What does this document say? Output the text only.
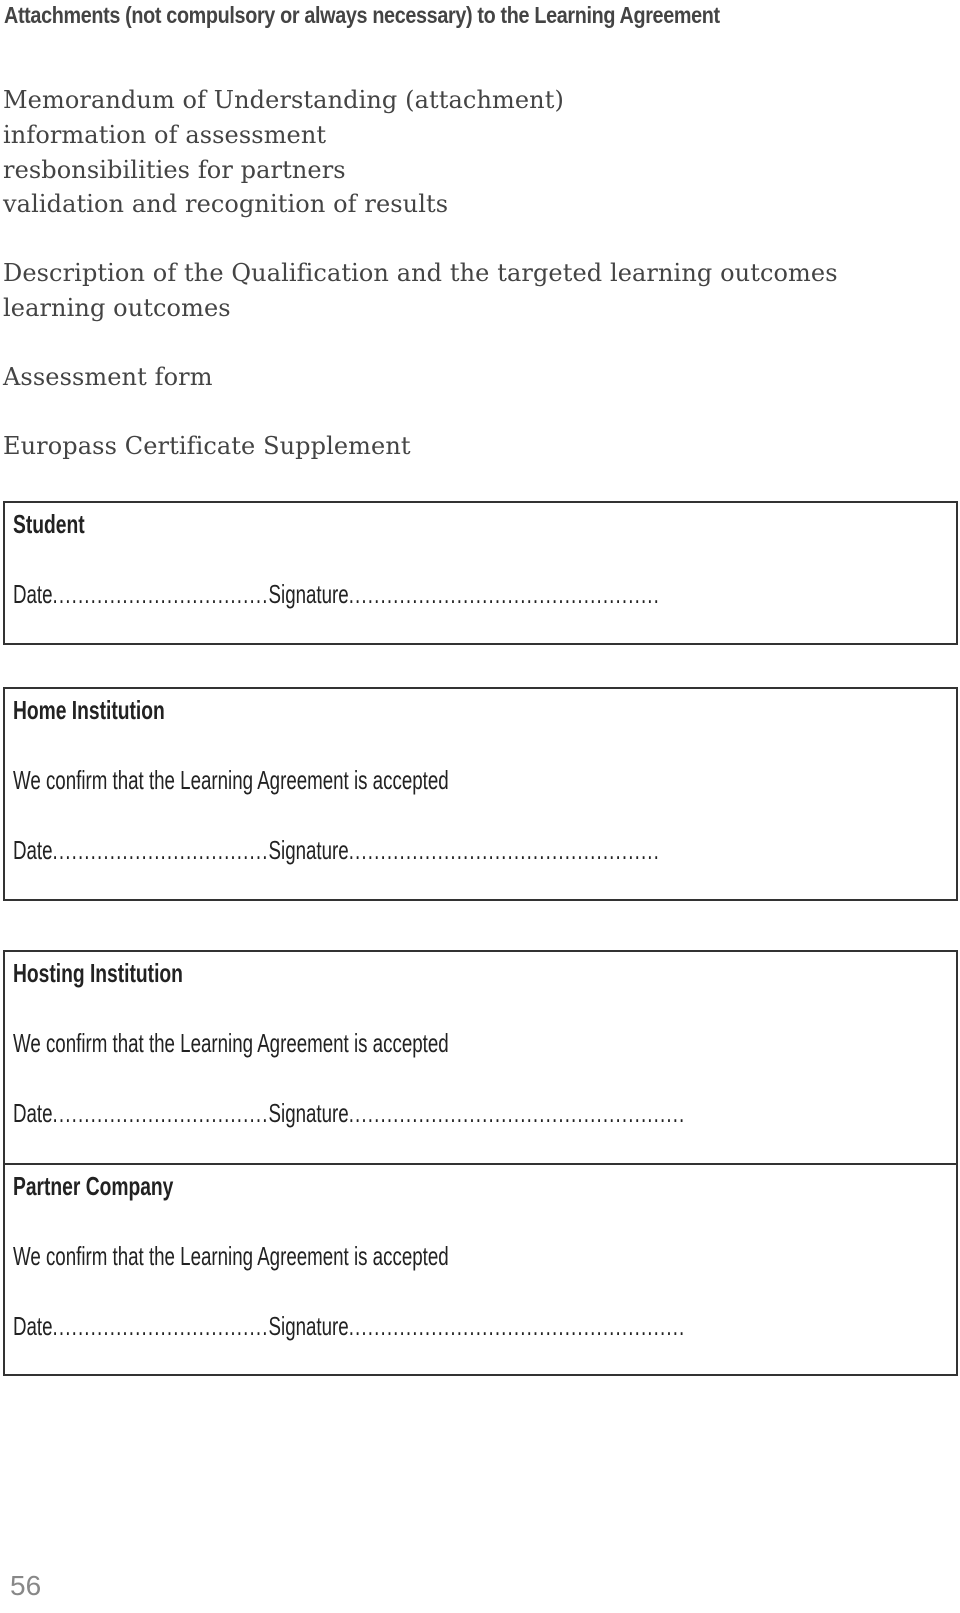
Attachments (not compulsory or always necessary) to the Learning Agreement
Memorandum of Understanding (attachment)
information of assessment
resbonsibilities for partners
validation and recognition of results
Description of the Qualification and the targeted learning outcomes
learning outcomes
Assessment form
Europass Certificate Supplement
Student
Date..................................Signature.................................................
Home Institution
We confirm that the Learning Agreement is accepted
Date..................................Signature.................................................
Hosting Institution
We confirm that the Learning Agreement is accepted
Date..................................Signature.....................................................
Partner Company
We confirm that the Learning Agreement is accepted
Date..................................Signature.....................................................
56
